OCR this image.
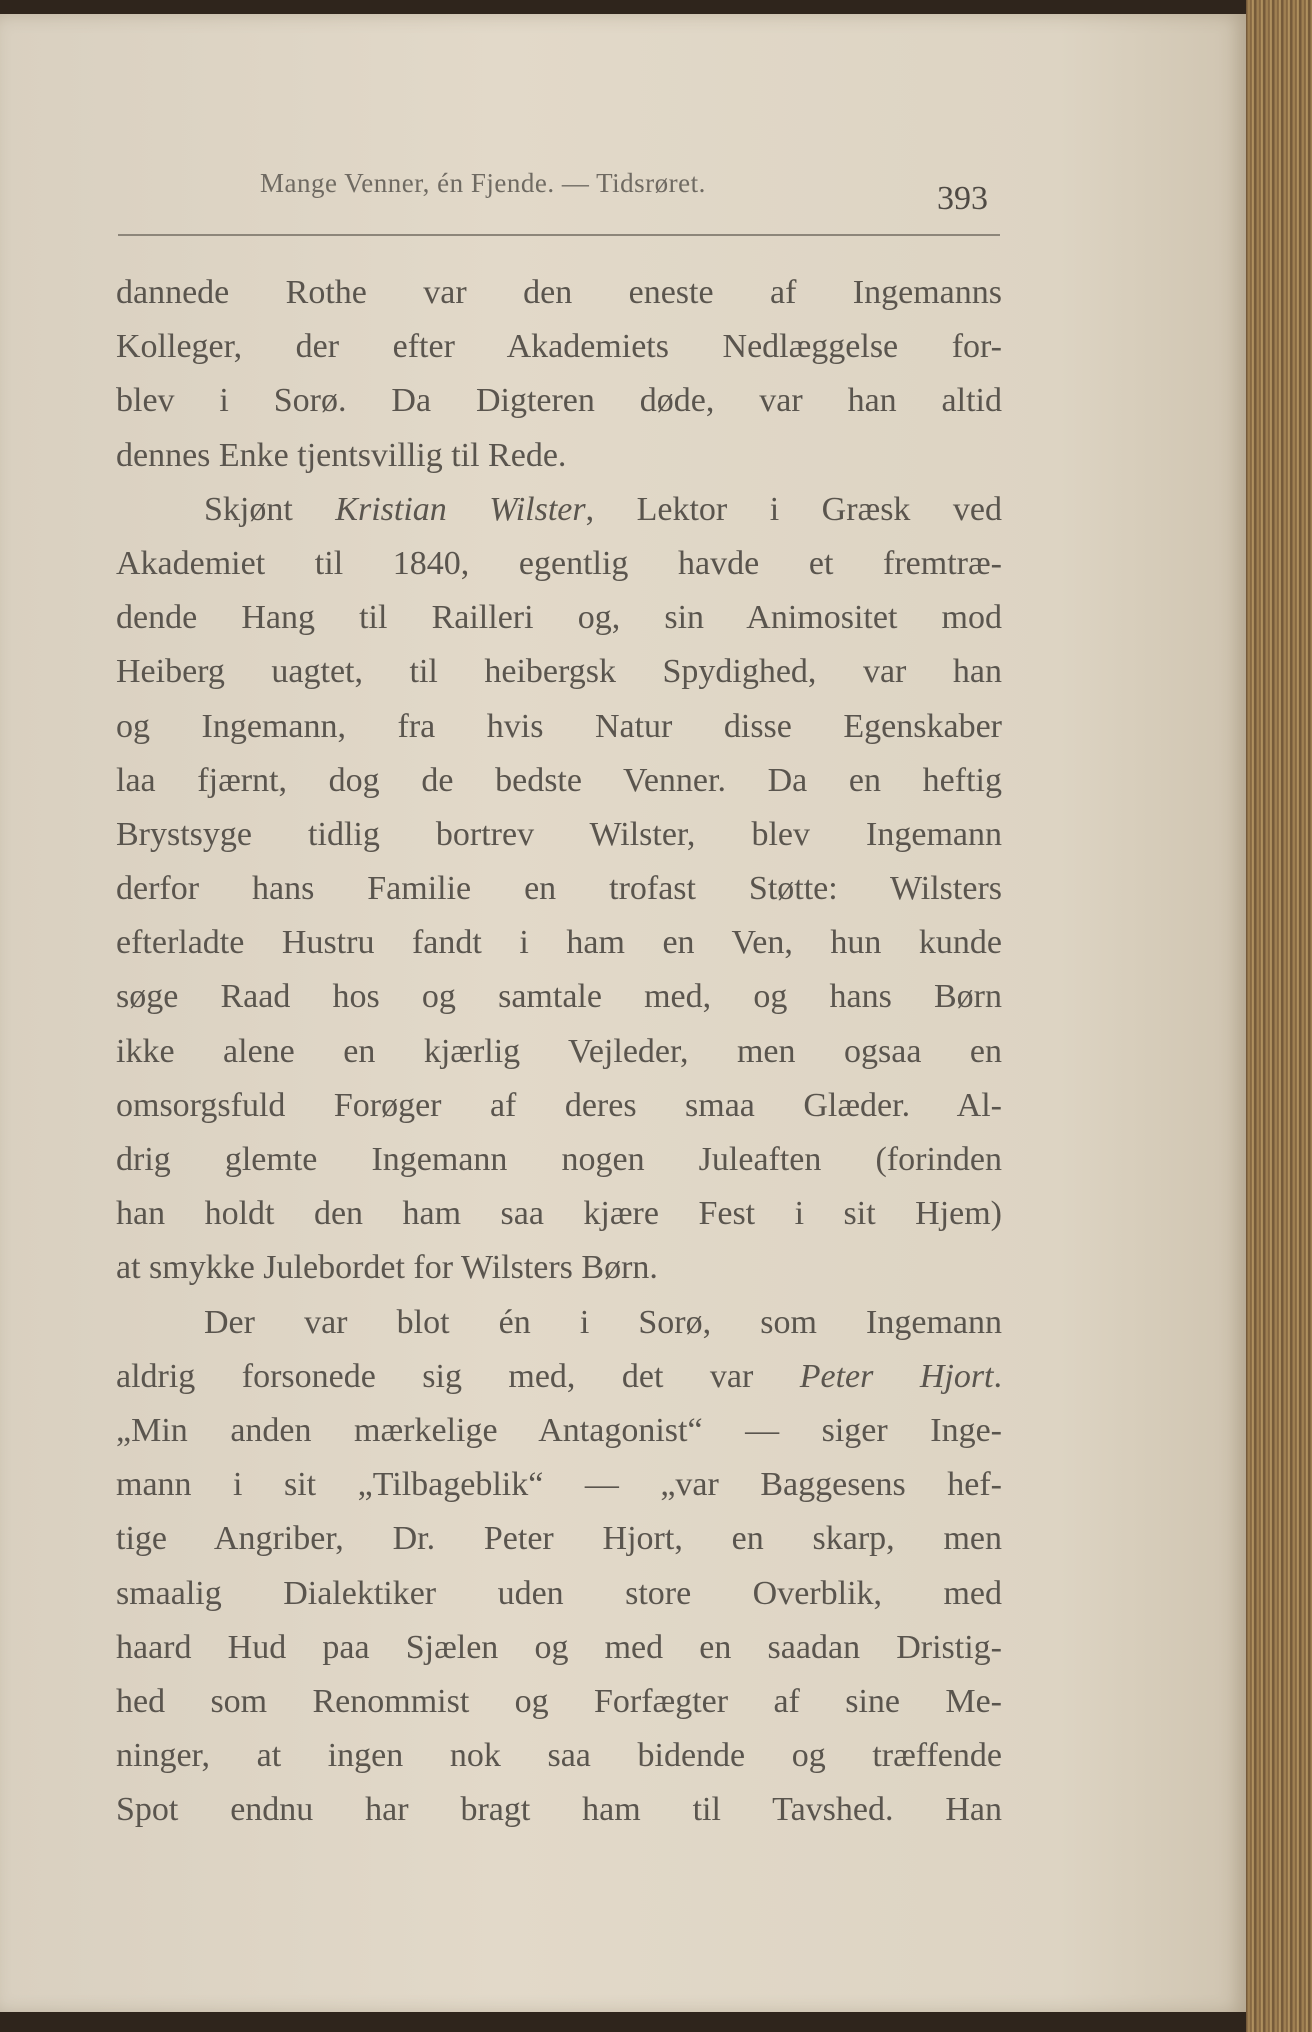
Mange Venner, én Fjende. — Tidsrøret.	393
dannede Rothe var den eneste af Ingemanns
Kolleger, der efter Akademiets Nedlæggelse for-
blev i Sorø. Da Digteren døde, var han altid
dennes Enke tjentsvillig til Rede.
Skjønt Kristian Wilster, Lektor i Græsk ved
Akademiet til 1840, egentlig havde et fremtræ-
dende Hang til Railleri og, sin Animositet mod
Heiberg uagtet, til heibergsk Spydighed, var han
og Ingemann, fra hvis Natur disse Egenskaber
laa fjærnt, dog de bedste Venner. Da en heftig
Brystsyge tidlig bortrev Wilster, blev Ingemann
derfor hans Familie en trofast Støtte: Wilsters
efterladte Hustru fandt i ham en Ven, hun kunde
søge Raad hos og samtale med, og hans Børn
ikke alene en kjærlig Vejleder, men ogsaa en
omsorgsfuld Forøger af deres smaa Glæder. Al-
drig glemte Ingemann nogen Juleaften (forinden
han holdt den ham saa kjære Fest i sit Hjem)
at smykke Julebordet for Wilsters Børn.
Der var blot én i Sorø, som Ingemann
aldrig forsonede sig med, det var Peter Hjort.
„Min anden mærkelige Antagonist“ — siger Inge-
mann i sit „Tilbageblik“ — „var Baggesens hef-
tige Angriber, Dr. Peter Hjort, en skarp, men
smaalig Dialektiker uden store Overblik, med
haard Hud paa Sjælen og med en saadan Dristig-
hed som Renommist og Forfægter af sine Me-
ninger, at ingen nok saa bidende og træffende
Spot endnu har bragt ham til Tavshed. Han
